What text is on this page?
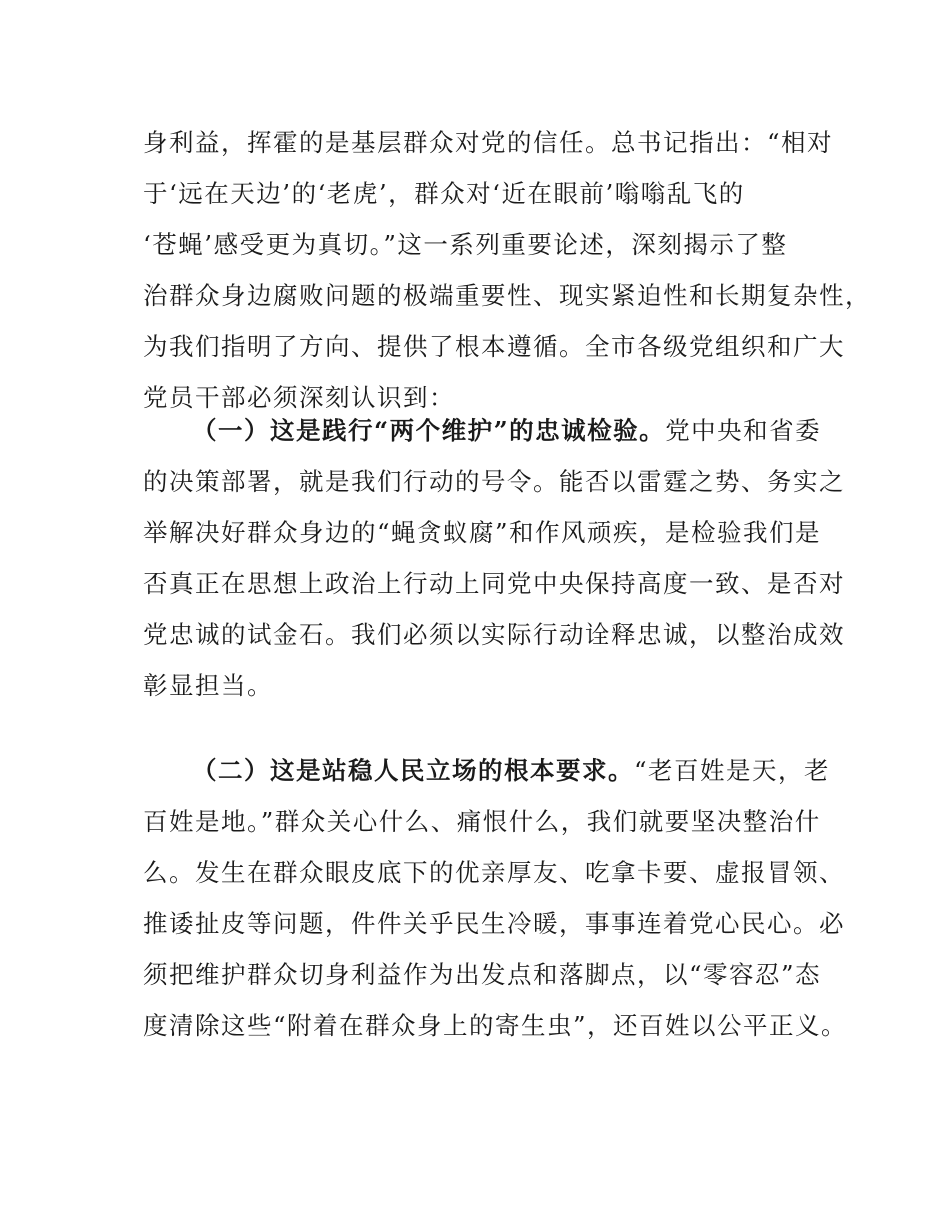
身利益，挥霍的是基层群众对党的信任。总书记指出：“相对
于‘远在天边’的‘老虎’，群众对‘近在眼前’嗡嗡乱飞的
‘苍蝇’感受更为真切。”这一系列重要论述，深刻揭示了整
治群众身边腐败问题的极端重要性、现实紧迫性和长期复杂性，
为我们指明了方向、提供了根本遵循。全市各级党组织和广大
党员干部必须深刻认识到：
（一）这是践行“两个维护”的忠诚检验。党中央和省委
的决策部署，就是我们行动的号令。能否以雷霆之势、务实之
举解决好群众身边的“蝇贪蚁腐”和作风顽疾，是检验我们是
否真正在思想上政治上行动上同党中央保持高度一致、是否对
党忠诚的试金石。我们必须以实际行动诠释忠诚，以整治成效
彰显担当。
（二）这是站稳人民立场的根本要求。“老百姓是天，老
百姓是地。”群众关心什么、痛恨什么，我们就要坚决整治什
么。发生在群众眼皮底下的优亲厚友、吃拿卡要、虚报冒领、
推诿扯皮等问题，件件关乎民生冷暖，事事连着党心民心。必
须把维护群众切身利益作为出发点和落脚点，以“零容忍”态
度清除这些“附着在群众身上的寄生虫”，还百姓以公平正义。
